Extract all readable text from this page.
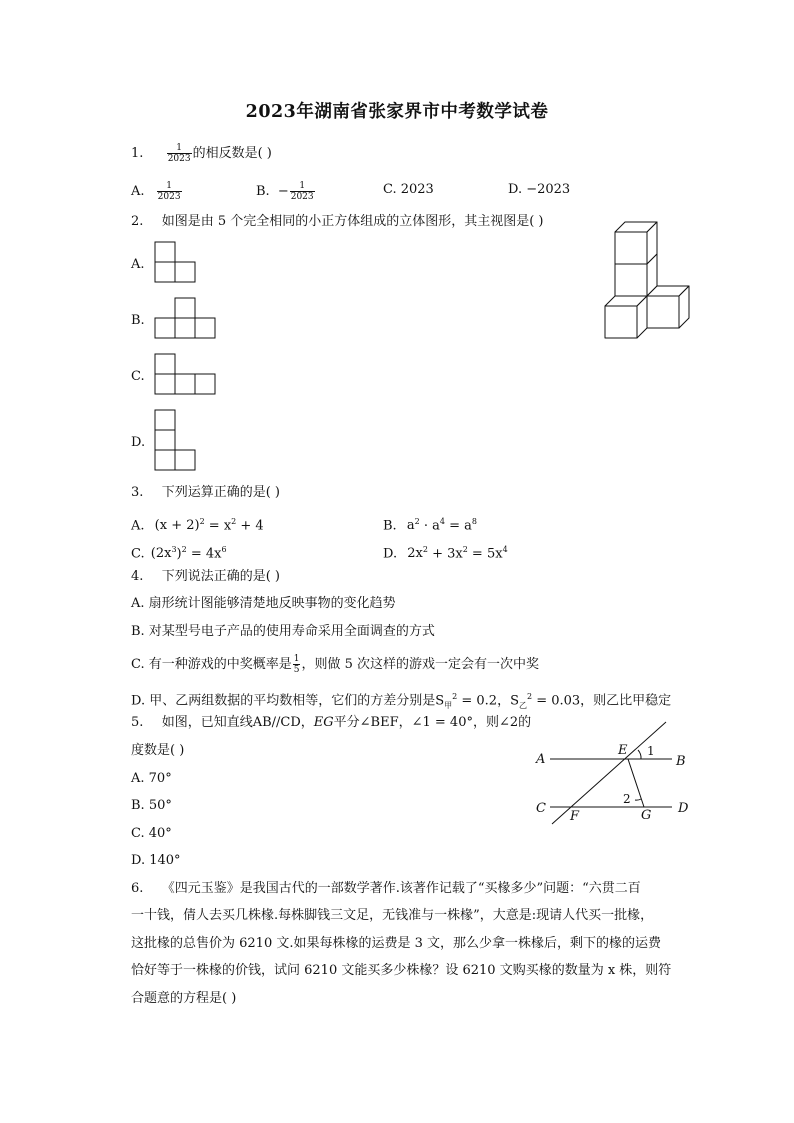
2023年湖南省张家界市中考数学试卷
1.	$\frac{1}{2023}$ 的相反数是( )
A. $\frac{1}{2023}$	B. − $\frac{1}{2023}$	C. 2023	D. −2023
2. 如图是由 5 个完全相同的小正方体组成的立体图形，其主视图是( )
A.
B.
C.
D.
3. 下列运算正确的是( )
A. $(x + 2)^2 = x^2 + 4$	B. $a^2 \cdot a^4 = a^8$
C. $(2x^3)^2 = 4x^6$	D. $2x^2 + 3x^2 = 5x^4$
4. 下列说法正确的是( )
A. 扇形统计图能够清楚地反映事物的变化趋势
B. 对某型号电子产品的使用寿命采用全面调查的方式
C. 有一种游戏的中奖概率是 $\frac{1}{5}$ ，则做 5 次这样的游戏一定会有一次中奖
D. 甲、乙两组数据的平均数相等，它们的方差分别是$S_甲^2 = 0.2$，$S_乙^2 = 0.03$，则乙比甲稳定
5. 如图，已知直线AB//CD，EG平分∠BEF，∠1 = 40°，则∠2的
度数是( )
A. 70°
B. 50°
C. 40°
D. 140°
A	B
C	D
E
F	G
1
2
6. 《四元玉鉴》是我国古代的一部数学著作.该著作记载了“买椽多少”问题：“六贯二百
一十钱，倩人去买几株椽.每株脚钱三文足，无钱准与一株椽”，大意是:现请人代买一批椽，
这批椽的总售价为 6210 文.如果每株椽的运费是 3 文，那么少拿一株椽后，剩下的椽的运费
恰好等于一株椽的价钱，试问 6210 文能买多少株椽？设 6210 文购买椽的数量为 x 株，则符
合题意的方程是( )
